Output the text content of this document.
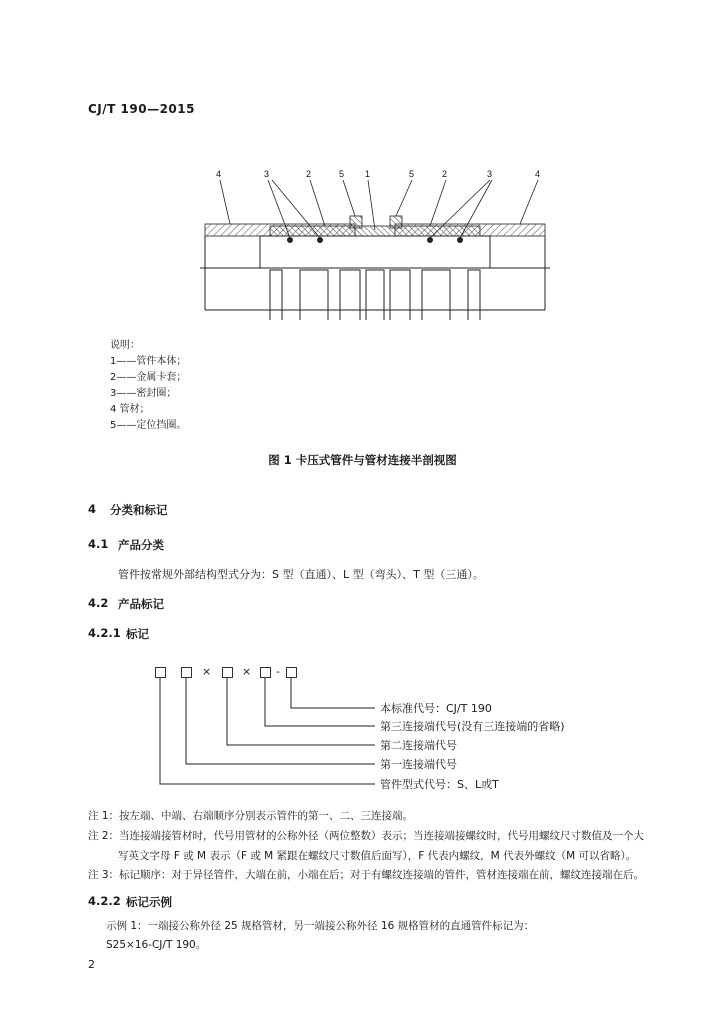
CJ/T 190—2015
4	3	2	5 1	5	2	3	4
说明：
1——管件本体；
2——金属卡套；
3——密封圈；
4 管材；
5——定位挡圈。
图 1 卡压式管件与管材连接半剖视图
4 分类和标记
4.1 产品分类
管件按常规外部结构型式分为：S 型（直通）、L 型（弯头）、T 型（三通）。
4.2 产品标记
4.2.1 标记
×	× -
本标准代号：CJ/T 190
第三连接端代号(没有三连接端的省略)
第二连接端代号
第一连接端代号
管件型式代号：S、L或T
注 1：按左端、中端、右端顺序分别表示管件的第一、二、三连接端。
注 2：当连接端接管材时，代号用管材的公称外径（两位整数）表示；当连接端接螺纹时，代号用螺纹尺寸数值及一个大
写英文字母 F 或 M 表示（F 或 M 紧跟在螺纹尺寸数值后面写），F 代表内螺纹，M 代表外螺纹（M 可以省略）。
注 3：标记顺序：对于异径管件，大端在前，小端在后；对于有螺纹连接端的管件，管材连接端在前，螺纹连接端在后。
4.2.2 标记示例
示例 1：一端接公称外径 25 规格管材，另一端接公称外径 16 规格管材的直通管件标记为：
S25×16-CJ/T 190。
2
